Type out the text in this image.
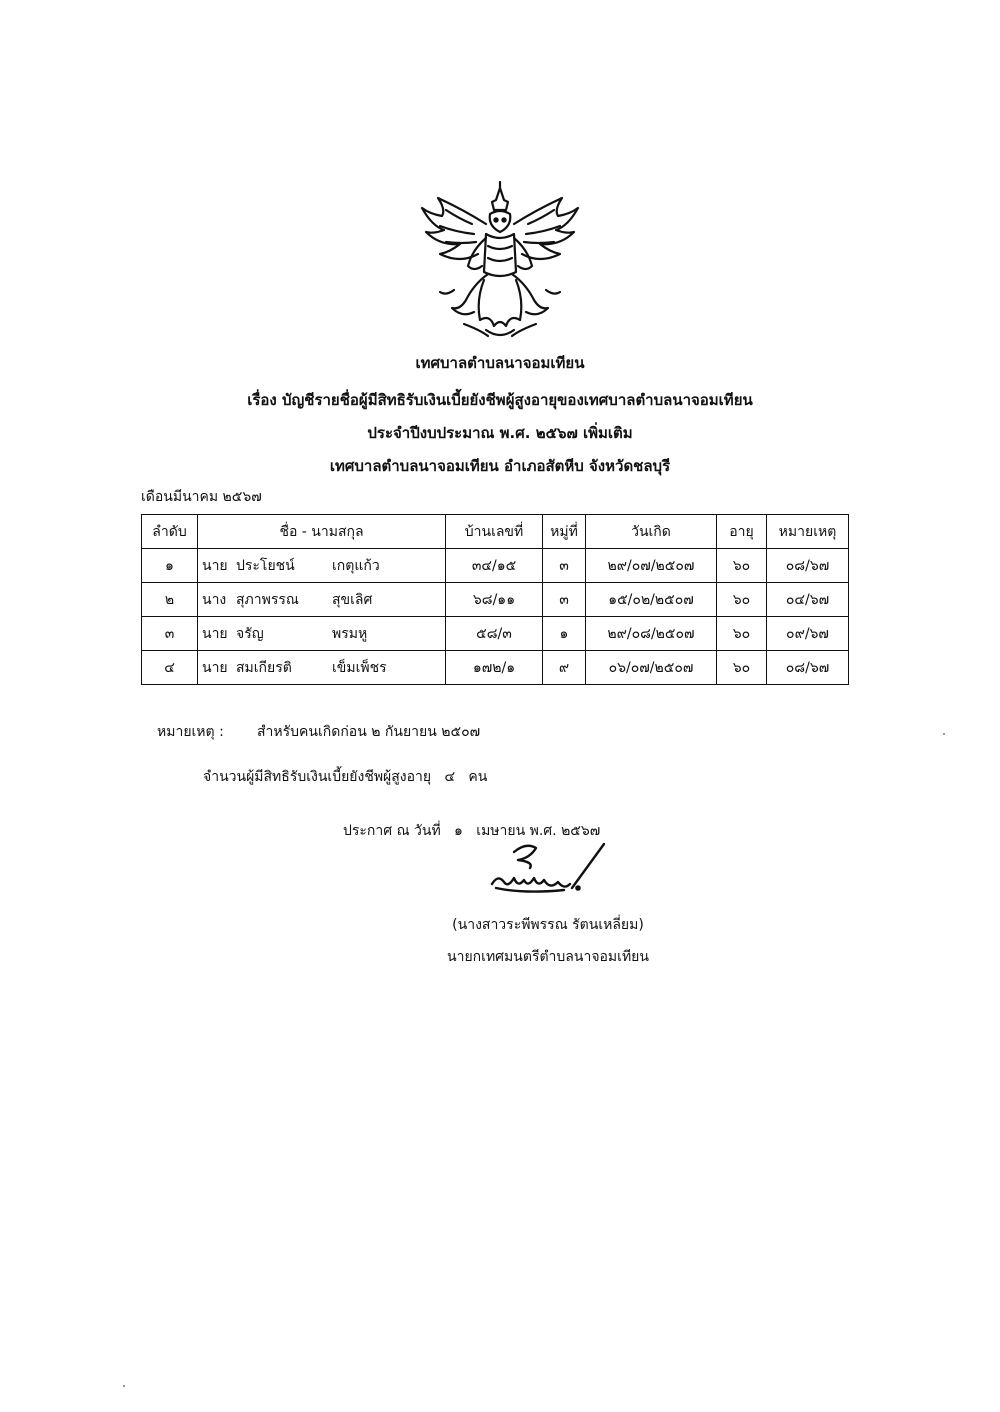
เทศบาลตำบลนาจอมเทียน
เรื่อง บัญชีรายชื่อผู้มีสิทธิรับเงินเบี้ยยังชีพผู้สูงอายุของเทศบาลตำบลนาจอมเทียน
ประจำปีงบประมาณ พ.ศ. ๒๕๖๗ เพิ่มเติม
เทศบาลตำบลนาจอมเทียน อำเภอสัตหีบ จังหวัดชลบุรี
เดือนมีนาคม ๒๕๖๗
ลำดับ	ชื่อ - นามสกุล	บ้านเลขที่	หมู่ที่	วันเกิด	อายุ	หมายเหตุ
๑	นาย ประโยชน์ เกตุแก้ว	๓๔/๑๕	๓	๒๙/๐๗/๒๕๐๗	๖๐	๐๘/๖๗
๒	นาง สุภาพรรณ สุขเลิศ	๖๘/๑๑	๓	๑๕/๐๒/๒๕๐๗	๖๐	๐๔/๖๗
๓	นาย จรัญ พรมหู	๕๘/๓	๑	๒๙/๐๘/๒๕๐๗	๖๐	๐๙/๖๗
๔	นาย สมเกียรติ เข็มเพ็ชร	๑๗๒/๑	๙	๐๖/๐๗/๒๕๐๗	๖๐	๐๘/๖๗
หมายเหตุ : สำหรับคนเกิดก่อน ๒ กันยายน ๒๕๐๗
จำนวนผู้มีสิทธิรับเงินเบี้ยยังชีพผู้สูงอายุ   ๔   คน
ประกาศ ณ วันที่   ๑   เมษายน พ.ศ. ๒๕๖๗
(นางสาวระพีพรรณ รัตนเหลี่ยม)
นายกเทศมนตรีตำบลนาจอมเทียน
